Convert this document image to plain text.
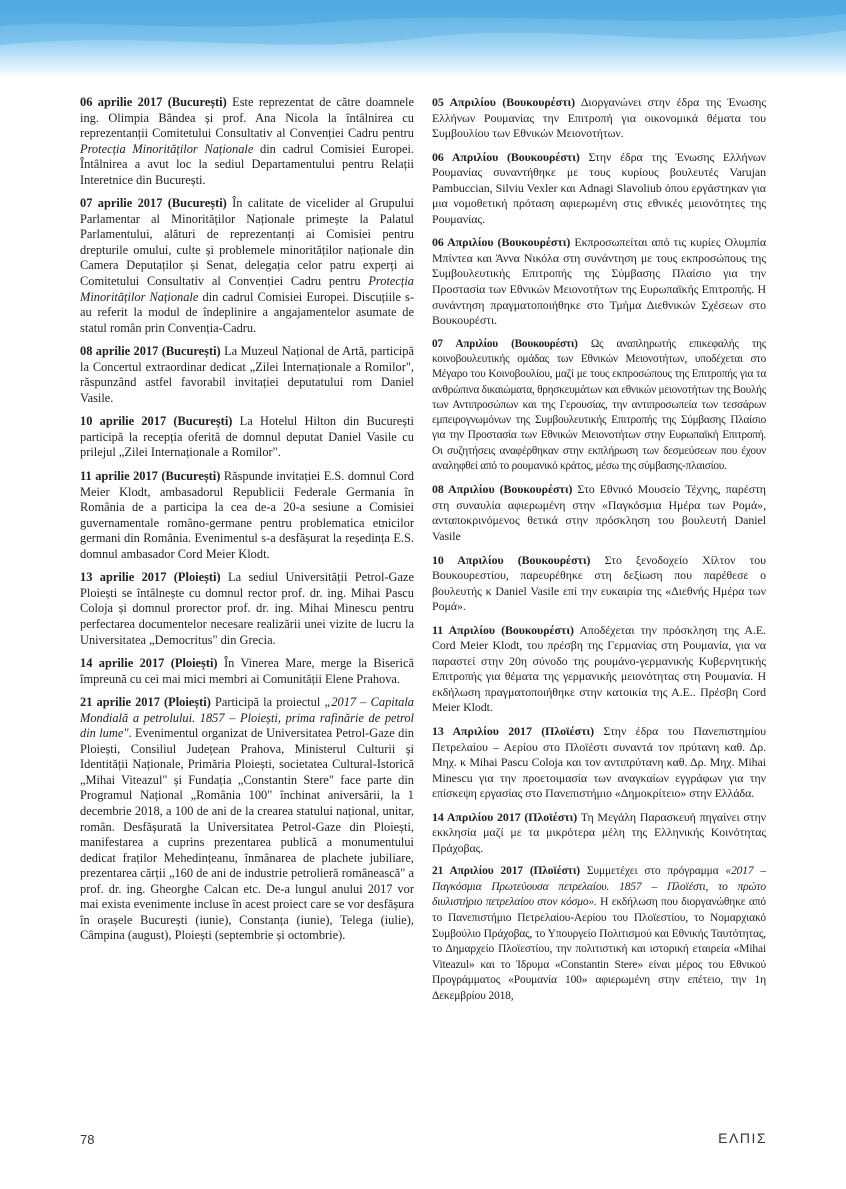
06 aprilie 2017 (București) Este reprezentat de către doamnele ing. Olimpia Bândea și prof. Ana Nicola la întâlnirea cu reprezentanții Comitetului Consultativ al Convenției Cadru pentru Protecția Minorităților Naționale din cadrul Comisiei Europei. Întâlnirea a avut loc la sediul Departamentului pentru Relații Interetnice din București.

07 aprilie 2017 (București) În calitate de vicelider al Grupului Parlamentar al Minorităților Naționale primește la Palatul Parlamentului, alături de reprezentanți ai Comisiei pentru drepturile omului, culte și problemele minorităților naționale din Camera Deputaților și Senat, delegația celor patru experți ai Comitetului Consultativ al Convenției Cadru pentru Protecția Minorităților Naționale din cadrul Comisiei Europei. Discuțiile s-au referit la modul de îndeplinire a angajamentelor asumate de statul român prin Convenția-Cadru.

08 aprilie 2017 (București) La Muzeul Național de Artă, participă la Concertul extraordinar dedicat „Zilei Internaționale a Romilor", răspunzând astfel favorabil invitației deputatului rom Daniel Vasile.

10 aprilie 2017 (București) La Hotelul Hilton din București participă la recepția oferită de domnul deputat Daniel Vasile cu prilejul „Zilei Internaționale a Romilor".

11 aprilie 2017 (București) Răspunde invitației E.S. domnul Cord Meier Klodt, ambasadorul Republicii Federale Germania în România de a participa la cea de-a 20-a sesiune a Comisiei guvernamentale româno-germane pentru problematica etnicilor germani din România. Evenimentul s-a desfășurat la reședința E.S. domnul ambasador Cord Meier Klodt.

13 aprilie 2017 (Ploiești) La sediul Universității Petrol-Gaze Ploiești se întâlnește cu domnul rector prof. dr. ing. Mihai Pascu Coloja și domnul prorector prof. dr. ing. Mihai Minescu pentru perfectarea documentelor necesare realizării unei vizite de lucru la Universitatea „Democritus" din Grecia.

14 aprilie 2017 (Ploiești) În Vinerea Mare, merge la Biserică împreună cu cei mai mici membri ai Comunității Elene Prahova.

21 aprilie 2017 (Ploiești) Participă la proiectul „2017 – Capitala Mondială a petrolului. 1857 – Ploiești, prima rafinărie de petrol din lume". Evenimentul organizat de Universitatea Petrol-Gaze din Ploiești, Consiliul Județean Prahova, Ministerul Culturii și Identității Naționale, Primăria Ploiești, societatea Cultural-Istorică „Mihai Viteazul" și Fundația „Constantin Stere" face parte din Programul Național „România 100" închinat aniversării, la 1 decembrie 2018, a 100 de ani de la crearea statului național, unitar, român. Desfășurată la Universitatea Petrol-Gaze din Ploiești, manifestarea a cuprins prezentarea publică a monumentului dedicat fraților Mehedințeanu, înmânarea de plachete jubiliare, prezentarea cărții „160 de ani de industrie petrolieră românească" a prof. dr. ing. Gheorghe Calcan etc. De-a lungul anului 2017 vor mai exista evenimente incluse în acest proiect care se vor desfășura în orașele București (iunie), Constanța (iunie), Telega (iulie), Câmpina (august), Ploiești (septembrie și octombrie).

05 Απριλίου (Βουκουρέστι) Διοργανώνει στην έδρα της Ένωσης Ελλήνων Ρουμανίας την Επιτροπή για οικονομικά θέματα του Συμβουλίου των Εθνικών Μειονοτήτων.

06 Απριλίου (Βουκουρέστι) Στην έδρα της Ένωσης Ελλήνων Ρουμανίας συναντήθηκε με τους κυρίους βουλευτές Varujan Pambuccian, Silviu Vexler και Adnagi Slavoliub όπου εργάστηκαν για μια νομοθετική πρόταση αφιερωμένη στις εθνικές μειονότητες της Ρουμανίας.

06 Απριλίου (Βουκουρέστι) Εκπροσωπείται από τις κυρίες Ολυμπία Μπίντεα και Άννα Νικόλα στη συνάντηση με τους εκπροσώπους της Συμβουλευτικής Επιτροπής της Σύμβασης Πλαίσιο για την Προστασία των Εθνικών Μειονοτήτων της Ευρωπαϊκής Επιτροπής. Η συνάντηση πραγματοποιήθηκε στο Τμήμα Διεθνικών Σχέσεων στο Βουκουρέστι.

07 Απριλίου (Βουκουρέστι) Ως αναπληρωτής επικεφαλής της κοινοβουλευτικής ομάδας των Εθνικών Μειονοτήτων, υποδέχεται στο Μέγαρο του Κοινοβουλίου, μαζί με τους εκπροσώπους της Επιτροπής για τα ανθρώπινα δικαιώματα, θρησκευμάτων και εθνικών μειονοτήτων της Βουλής των Αντιπροσώπων και της Γερουσίας, την αντιπροσωπεία των τεσσάρων εμπειρογνωμόνων της Συμβουλευτικής Επιτροπής της Σύμβασης Πλαίσιο για την Προστασία των Εθνικών Μειονοτήτων στην Ευρωπαϊκή Επιτροπή. Οι συζητήσεις αναφέρθηκαν στην εκπλήρωση των δεσμεύσεων που έχουν αναληφθεί από το ρουμανικό κράτος, μέσω της σύμβασης-πλαισίου.

08 Απριλίου (Βουκουρέστι) Στο Εθνικό Μουσείο Τέχνης, παρέστη στη συναυλία αφιερωμένη στην «Παγκόσμια Ημέρα των Ρομά», ανταποκρινόμενος θετικά στην πρόσκληση του βουλευτή Daniel Vasile

10 Απριλίου (Βουκουρέστι) Στο ξενοδοχείο Χίλτον του Βουκουρεστίου, παρευρέθηκε στη δεξίωση που παρέθεσε ο βουλευτής κ Daniel Vasile επί την ευκαιρία της «Διεθνής Ημέρα των Ρομά».

11 Απριλίου (Βουκουρέστι) Αποδέχεται την πρόσκληση της Α.Ε. Cord Meier Klodt, του πρέσβη της Γερμανίας στη Ρουμανία, για να παραστεί στην 20η σύνοδο της ρουμάνο-γερμανικής Κυβερνητικής Επιτροπής για θέματα της γερμανικής μειονότητας στη Ρουμανία. Η εκδήλωση πραγματοποιήθηκε στην κατοικία της Α.Ε.. Πρέσβη Cord Meier Klodt.

13 Απριλίου 2017 (Πλοϊέστι) Στην έδρα του Πανεπιστημίου Πετρελαίου – Αερίου στο Πλοϊέστι συναντά τον πρύτανη καθ. Δρ. Μηχ. κ Mihai Pascu Coloja και τον αντιπρύτανη καθ. Δρ. Μηχ. Mihai Minescu για την προετοιμασία των αναγκαίων εγγράφων για την επίσκεψη εργασίας στο Πανεπιστήμιο «Δημοκρίτειο» στην Ελλάδα.

14 Απριλίου 2017 (Πλοϊέστι) Τη Μεγάλη Παρασκευή πηγαίνει στην εκκλησία μαζί με τα μικρότερα μέλη της Ελληνικής Κοινότητας Πράχοβας.

21 Απριλίου 2017 (Πλοϊέστι) Συμμετέχει στο πρόγραμμα «2017 – Παγκόσμια Πρωτεύουσα πετρελαίου. 1857 – Πλοϊέστι, το πρώτο διυλιστήριο πετρελαίου στον κόσμο». Η εκδήλωση που διοργανώθηκε από το Πανεπιστήμιο Πετρελαίου-Αερίου του Πλοϊεστίου, το Νομαρχιακό Συμβούλιο Πράχοβας, το Υπουργείο Πολιτισμού και Εθνικής Ταυτότητας, το Δημαρχείο Πλοϊεστίου, την πολιτιστική και ιστορική εταιρεία «Mihai Viteazul» και το Ίδρυμα «Constantin Stere» είναι μέρος του Εθνικού Προγράμματος «Ρουμανία 100» αφιερωμένη στην επέτειο, την 1η Δεκεμβρίου 2018,

78	ΕΛΠΙΣ
